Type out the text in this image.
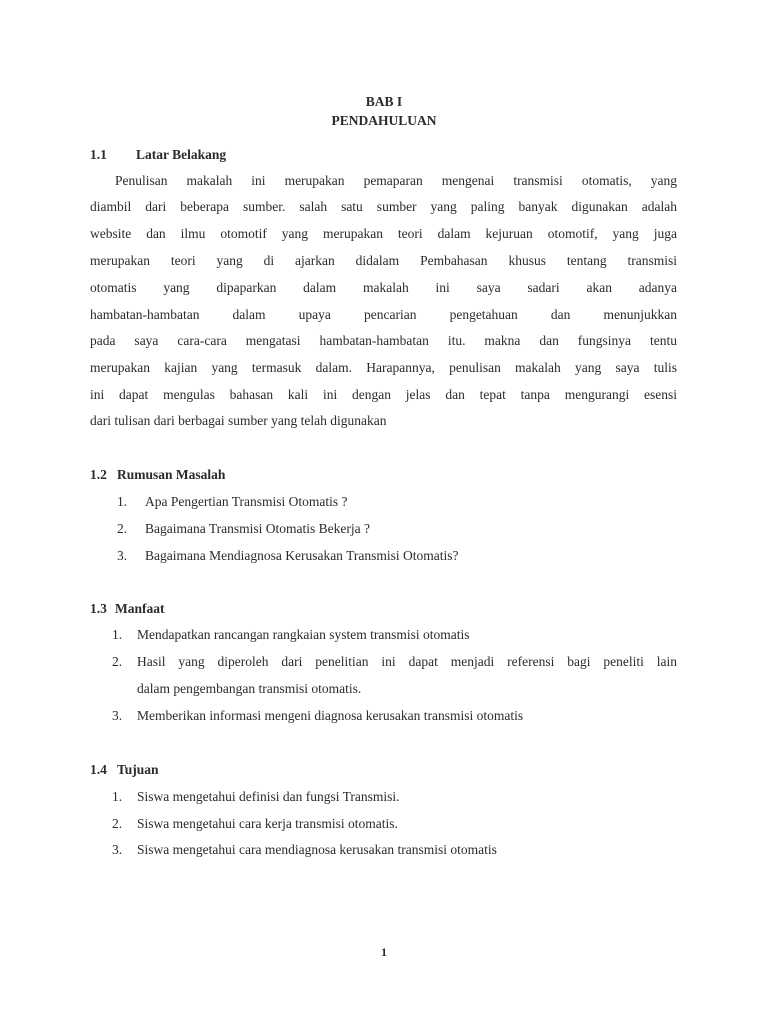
BAB I
PENDAHULUAN
1.1 Latar Belakang
Penulisan makalah ini merupakan pemaparan mengenai transmisi otomatis, yang
diambil dari beberapa sumber. salah satu sumber yang paling banyak digunakan adalah
website dan ilmu otomotif yang merupakan teori dalam kejuruan otomotif, yang juga
merupakan teori yang di ajarkan didalam Pembahasan khusus tentang transmisi
otomatis yang dipaparkan dalam makalah ini saya sadari akan adanya
hambatan-hambatan dalam upaya pencarian pengetahuan dan menunjukkan
pada saya cara-cara mengatasi hambatan-hambatan itu. makna dan fungsinya tentu
merupakan kajian yang termasuk dalam. Harapannya, penulisan makalah yang saya tulis
ini dapat mengulas bahasan kali ini dengan jelas dan tepat tanpa mengurangi esensi
dari tulisan dari berbagai sumber yang telah digunakan
1.2 Rumusan Masalah
1.	Apa Pengertian Transmisi Otomatis ?
2.	Bagaimana Transmisi Otomatis Bekerja ?
3.	Bagaimana Mendiagnosa Kerusakan Transmisi Otomatis?
1.3 Manfaat
1.	Mendapatkan rancangan rangkaian system transmisi otomatis
2.	Hasil yang diperoleh dari penelitian ini dapat menjadi referensi bagi peneliti lain
dalam pengembangan transmisi otomatis.
3.	Memberikan informasi mengeni diagnosa kerusakan transmisi otomatis
1.4 Tujuan
1.	Siswa mengetahui definisi dan fungsi Transmisi.
2.	Siswa mengetahui cara kerja transmisi otomatis.
3.	Siswa mengetahui cara mendiagnosa kerusakan transmisi otomatis
1
